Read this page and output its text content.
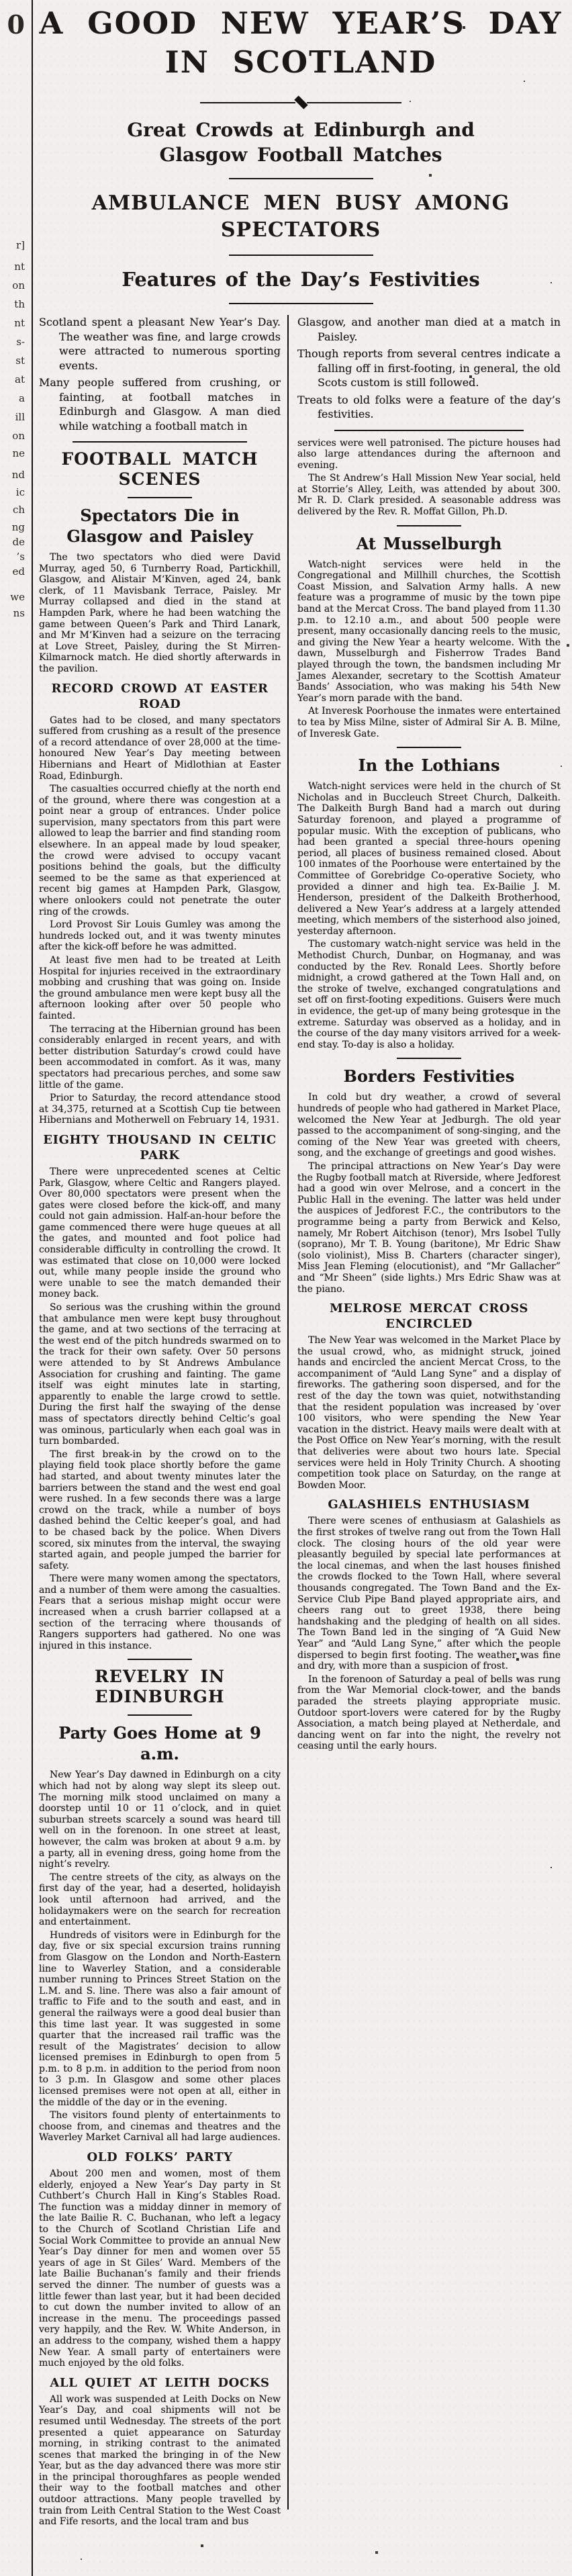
0
r]
nt
on
th
nt
s-
st
at
a
ill
on
ne
nd
ic
ch
ng
de
’s
ed
we
ns
A GOOD NEW YEAR’S DAY
IN SCOTLAND
Great Crowds at Edinburgh and
Glasgow Football Matches
AMBULANCE MEN BUSY AMONG
SPECTATORS
Features of the Day’s Festivities
Scotland spent a pleasant New Year’s Day. The weather was fine, and large crowds were attracted to numerous sporting events.
Many people suffered from crushing, or fainting, at football matches in Edinburgh and Glasgow. A man died while watching a football match in
FOOTBALL MATCH SCENES
Spectators Die in Glasgow and Paisley
The two spectators who died were David Murray, aged 50, 6 Turnberry Road, Partickhill, Glasgow, and Alistair M‘Kinven, aged 24, bank clerk, of 11 Mavisbank Terrace, Paisley. Mr Murray collapsed and died in the stand at Hampden Park, where he had been watching the game between Queen’s Park and Third Lanark, and Mr M‘Kinven had a seizure on the terracing at Love Street, Paisley, during the St Mirren-Kilmarnock match. He died shortly afterwards in the pavilion.
RECORD CROWD AT EASTER ROAD
Gates had to be closed, and many spectators suffered from crushing as a result of the presence of a record attendance of over 28,000 at the time-honoured New Year’s Day meeting between Hibernians and Heart of Midlothian at Easter Road, Edinburgh.
The casualties occurred chiefly at the north end of the ground, where there was congestion at a point near a group of entrances. Under police supervision, many spectators from this part were allowed to leap the barrier and find standing room elsewhere. In an appeal made by loud speaker, the crowd were advised to occupy vacant positions behind the goals, but the difficulty seemed to be the same as that experienced at recent big games at Hampden Park, Glasgow, where onlookers could not penetrate the outer ring of the crowds.
Lord Provost Sir Louis Gumley was among the hundreds locked out, and it was twenty minutes after the kick-off before he was admitted.
At least five men had to be treated at Leith Hospital for injuries received in the extraordinary mobbing and crushing that was going on. Inside the ground ambulance men were kept busy all the afternoon looking after over 50 people who fainted.
The terracing at the Hibernian ground has been considerably enlarged in recent years, and with better distribution Saturday’s crowd could have been accommodated in comfort. As it was, many spectators had precarious perches, and some saw little of the game.
Prior to Saturday, the record attendance stood at 34,375, returned at a Scottish Cup tie between Hibernians and Motherwell on February 14, 1931.
EIGHTY THOUSAND IN CELTIC PARK
There were unprecedented scenes at Celtic Park, Glasgow, where Celtic and Rangers played. Over 80,000 spectators were present when the gates were closed before the kick-off, and many could not gain admission. Half-an-hour before the game commenced there were huge queues at all the gates, and mounted and foot police had considerable difficulty in controlling the crowd. It was estimated that close on 10,000 were locked out, while many people inside the ground who were unable to see the match demanded their money back.
So serious was the crushing within the ground that ambulance men were kept busy throughout the game, and at two sections of the terracing at the west end of the pitch hundreds swarmed on to the track for their own safety. Over 50 persons were attended to by St Andrews Ambulance Association for crushing and fainting. The game itself was eight minutes late in starting, apparently to enable the large crowd to settle. During the first half the swaying of the dense mass of spectators directly behind Celtic’s goal was ominous, particularly when each goal was in turn bombarded.
The first break-in by the crowd on to the playing field took place shortly before the game had started, and about twenty minutes later the barriers between the stand and the west end goal were rushed. In a few seconds there was a large crowd on the track, while a number of boys dashed behind the Celtic keeper’s goal, and had to be chased back by the police. When Divers scored, six minutes from the interval, the swaying started again, and people jumped the barrier for safety.
There were many women among the spectators, and a number of them were among the casualties. Fears that a serious mishap might occur were increased when a crush barrier collapsed at a section of the terracing where thousands of Rangers supporters had gathered. No one was injured in this instance.
REVELRY IN EDINBURGH
Party Goes Home at 9 a.m.
New Year’s Day dawned in Edinburgh on a city which had not by along way slept its sleep out. The morning milk stood unclaimed on many a doorstep until 10 or 11 o’clock, and in quiet suburban streets scarcely a sound was heard till well on in the forenoon. In one street at least, however, the calm was broken at about 9 a.m. by a party, all in evening dress, going home from the night’s revelry.
The centre streets of the city, as always on the first day of the year, had a deserted, holidayish look until afternoon had arrived, and the holidaymakers were on the search for recreation and entertainment.
Hundreds of visitors were in Edinburgh for the day, five or six special excursion trains running from Glasgow on the London and North-Eastern line to Waverley Station, and a considerable number running to Princes Street Station on the L.M. and S. line. There was also a fair amount of traffic to Fife and to the south and east, and in general the railways were a good deal busier than this time last year. It was suggested in some quarter that the increased rail traffic was the result of the Magistrates’ decision to allow licensed premises in Edinburgh to open from 5 p.m. to 8 p.m. in addition to the period from noon to 3 p.m. In Glasgow and some other places licensed premises were not open at all, either in the middle of the day or in the evening.
The visitors found plenty of entertainments to choose from, and cinemas and theatres and the Waverley Market Carnival all had large audiences.
OLD FOLKS’ PARTY
About 200 men and women, most of them elderly, enjoyed a New Year’s Day party in St Cuthbert’s Church Hall in King’s Stables Road. The function was a midday dinner in memory of the late Bailie R. C. Buchanan, who left a legacy to the Church of Scotland Christian Life and Social Work Committee to provide an annual New Year’s Day dinner for men and women over 55 years of age in St Giles’ Ward. Members of the late Bailie Buchanan’s family and their friends served the dinner. The number of guests was a little fewer than last year, but it had been decided to cut down the number invited to allow of an increase in the menu. The proceedings passed very happily, and the Rev. W. White Anderson, in an address to the company, wished them a happy New Year. A small party of entertainers were much enjoyed by the old folks.
ALL QUIET AT LEITH DOCKS
All work was suspended at Leith Docks on New Year’s Day, and coal shipments will not be resumed until Wednesday. The streets of the port presented a quiet appearance on Saturday morning, in striking contrast to the animated scenes that marked the bringing in of the New Year, but as the day advanced there was more stir in the principal thoroughfares as people wended their way to the football matches and other outdoor attractions. Many people travelled by train from Leith Central Station to the West Coast and Fife resorts, and the local tram and bus
Glasgow, and another man died at a match in Paisley.
Though reports from several centres indicate a falling off in first-footing, in general, the old Scots custom is still followed.
Treats to old folks were a feature of the day’s festivities.
services were well patronised. The picture houses had also large attendances during the afternoon and evening.
The St Andrew’s Hall Mission New Year social, held at Storrie’s Alley, Leith, was attended by about 300. Mr R. D. Clark presided. A seasonable address was delivered by the Rev. R. Moffat Gillon, Ph.D.
At Musselburgh
Watch-night services were held in the Congregational and Millhill churches, the Scottish Coast Mission, and Salvation Army halls. A new feature was a programme of music by the town pipe band at the Mercat Cross. The band played from 11.30 p.m. to 12.10 a.m., and about 500 people were present, many occasionally dancing reels to the music, and giving the New Year a hearty welcome. With the dawn, Musselburgh and Fisherrow Trades Band played through the town, the bandsmen including Mr James Alexander, secretary to the Scottish Amateur Bands’ Association, who was making his 54th New Year’s morn parade with the band.
At Inveresk Poorhouse the inmates were entertained to tea by Miss Milne, sister of Admiral Sir A. B. Milne, of Inveresk Gate.
In the Lothians
Watch-night services were held in the church of St Nicholas and in Buccleuch Street Church, Dalkeith. The Dalkeith Burgh Band had a march out during Saturday forenoon, and played a programme of popular music. With the exception of publicans, who had been granted a special three-hours opening period, all places of business remained closed. About 100 inmates of the Poorhouse were entertained by the Committee of Gorebridge Co-operative Society, who provided a dinner and high tea. Ex-Bailie J. M. Henderson, president of the Dalkeith Brotherhood, delivered a New Year’s address at a largely attended meeting, which members of the sisterhood also joined, yesterday afternoon.
The customary watch-night service was held in the Methodist Church, Dunbar, on Hogmanay, and was conducted by the Rev. Ronald Lees. Shortly before midnight, a crowd gathered at the Town Hall and, on the stroke of twelve, exchanged congratulations and set off on first-footing expeditions. Guisers were much in evidence, the get-up of many being grotesque in the extreme. Saturday was observed as a holiday, and in the course of the day many visitors arrived for a week-end stay. To-day is also a holiday.
Borders Festivities
In cold but dry weather, a crowd of several hundreds of people who had gathered in Market Place, welcomed the New Year at Jedburgh. The old year passed to the accompaniment of song-singing, and the coming of the New Year was greeted with cheers, song, and the exchange of greetings and good wishes.
The principal attractions on New Year’s Day were the Rugby football match at Riverside, where Jedforest had a good win over Melrose, and a concert in the Public Hall in the evening. The latter was held under the auspices of Jedforest F.C., the contributors to the programme being a party from Berwick and Kelso, namely, Mr Robert Aitchison (tenor), Mrs Isobel Tully (soprano), Mr T. B. Young (baritone), Mr Edric Shaw (solo violinist), Miss B. Charters (character singer), Miss Jean Fleming (elocutionist), and “Mr Gallacher” and “Mr Sheen” (side lights.) Mrs Edric Shaw was at the piano.
MELROSE MERCAT CROSS ENCIRCLED
The New Year was welcomed in the Market Place by the usual crowd, who, as midnight struck, joined hands and encircled the ancient Mercat Cross, to the accompaniment of “Auld Lang Syne” and a display of fireworks. The gathering soon dispersed, and for the rest of the day the town was quiet, notwithstanding that the resident population was increased by over 100 visitors, who were spending the New Year vacation in the district. Heavy mails were dealt with at the Post Office on New Year’s morning, with the result that deliveries were about two hours late. Special services were held in Holy Trinity Church. A shooting competition took place on Saturday, on the range at Bowden Moor.
GALASHIELS ENTHUSIASM
There were scenes of enthusiasm at Galashiels as the first strokes of twelve rang out from the Town Hall clock. The closing hours of the old year were pleasantly beguiled by special late performances at the local cinemas, and when the last houses finished the crowds flocked to the Town Hall, where several thousands congregated. The Town Band and the Ex-Service Club Pipe Band played appropriate airs, and cheers rang out to greet 1938, there being handshaking and the pledging of health on all sides. The Town Band led in the singing of “A Guid New Year” and “Auld Lang Syne,” after which the people dispersed to begin first footing. The weather was fine and dry, with more than a suspicion of frost.
In the forenoon of Saturday a peal of bells was rung from the War Memorial clock-tower, and the bands paraded the streets playing appropriate music. Outdoor sport-lovers were catered for by the Rugby Association, a match being played at Netherdale, and dancing went on far into the night, the revelry not ceasing until the early hours.
